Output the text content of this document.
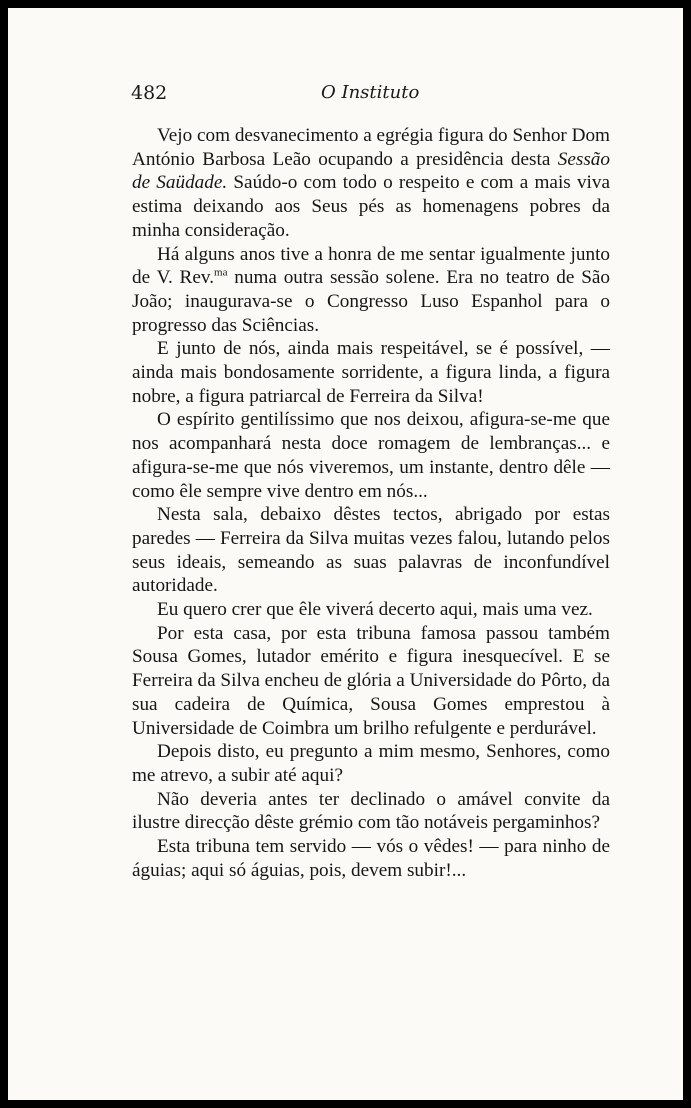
482	O Instituto

Vejo com desvanecimento a egrégia figura do Senhor Dom António Barbosa Leão ocupando a presidência desta Sessão de Saüdade. Saúdo-o com todo o respeito e com a mais viva estima deixando aos Seus pés as homenagens pobres da minha consideração.

Há alguns anos tive a honra de me sentar igualmente junto de V. Rev.$^{ma}$ numa outra sessão solene. Era no teatro de São João; inaugurava-se o Congresso Luso Espanhol para o progresso das Sciências.

E junto de nós, ainda mais respeitável, se é possível, — ainda mais bondosamente sorridente, a figura linda, a figura nobre, a figura patriarcal de Ferreira da Silva!

O espírito gentilíssimo que nos deixou, afigura-se-me que nos acompanhará nesta doce romagem de lembranças... e afigura-se-me que nós viveremos, um instante, dentro dêle — como êle sempre vive dentro em nós...

Nesta sala, debaixo dêstes tectos, abrigado por estas paredes — Ferreira da Silva muitas vezes falou, lutando pelos seus ideais, semeando as suas palavras de inconfundível autoridade.

Eu quero crer que êle viverá decerto aqui, mais uma vez.

Por esta casa, por esta tribuna famosa passou também Sousa Gomes, lutador emérito e figura inesquecível. E se Ferreira da Silva encheu de glória a Universidade do Pôrto, da sua cadeira de Química, Sousa Gomes emprestou à Universidade de Coimbra um brilho refulgente e perdurável.

Depois disto, eu pregunto a mim mesmo, Senhores, como me atrevo, a subir até aqui?

Não deveria antes ter declinado o amável convite da ilustre direcção dêste grémio com tão notáveis pergaminhos?

Esta tribuna tem servido — vós o vêdes! — para ninho de águias; aqui só águias, pois, devem subir!...
